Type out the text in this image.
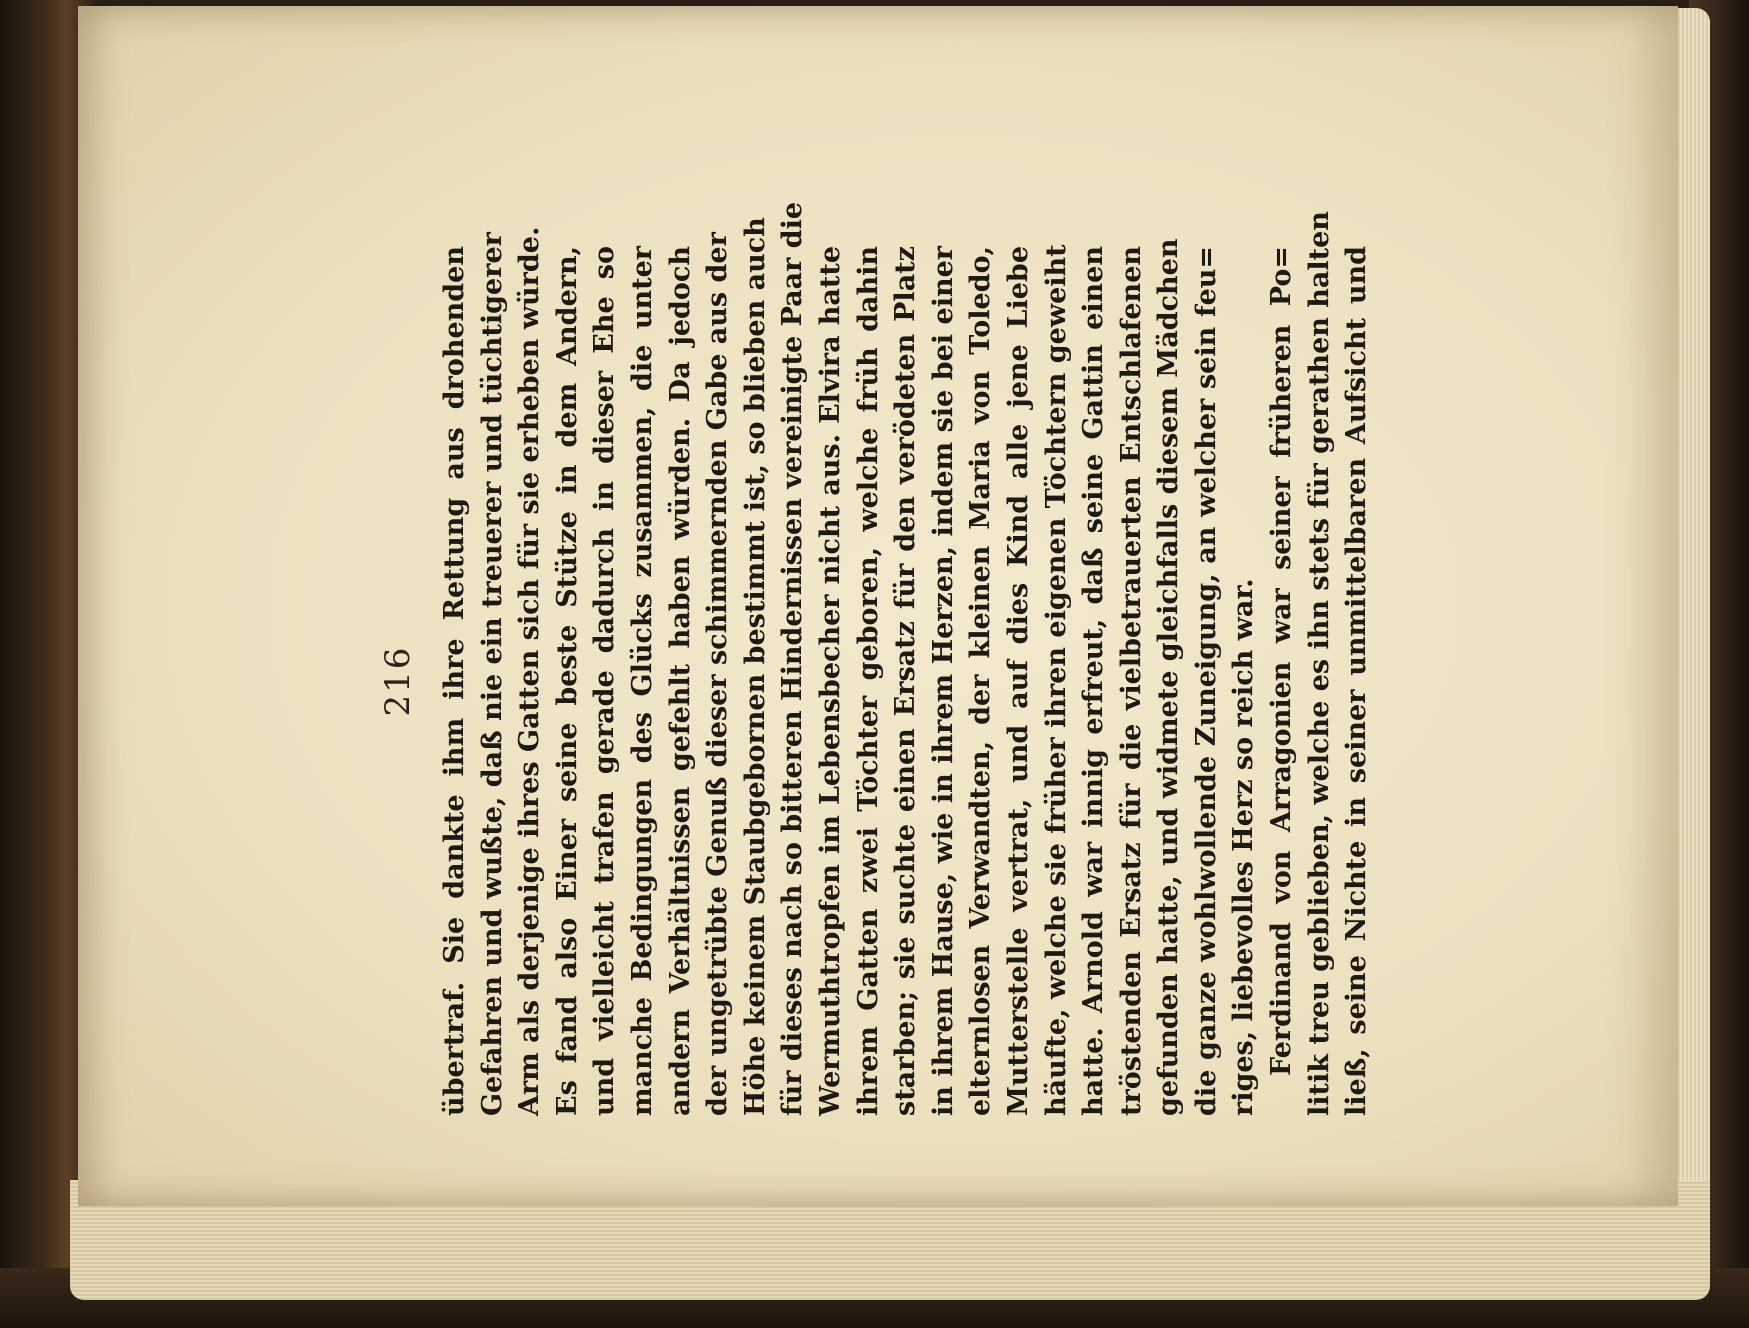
216 übertraf. Sie dankte ihm ihre Rettung aus drohenden Gefahren und wußte, daß nie ein treuerer und tüchtigerer Arm als derjenige ihres Gatten sich für sie erheben würde. Es fand also Einer seine beste Stütze in dem Andern, und vielleicht trafen gerade dadurch in dieser Ehe so manche Bedingungen des Glücks zusammen, die unter andern Verhältnissen gefehlt haben würden. Da jedoch der ungetrübte Genuß dieser schimmernden Gabe aus der Höhe keinem Staubgebornen bestimmt ist, so blieben auch für dieses nach so bitteren Hindernissen vereinigte Paar die Wermuthtropfen im Lebensbecher nicht aus. Elvira hatte ihrem Gatten zwei Töchter geboren, welche früh dahin starben; sie suchte einen Ersatz für den verödeten Platz in ihrem Hause, wie in ihrem Herzen, indem sie bei einer elternlosen Verwandten, der kleinen Maria von Toledo, Mutterstelle vertrat, und auf dies Kind alle jene Liebe häufte, welche sie früher ihren eigenen Töchtern geweiht hatte. Arnold war innig erfreut, daß seine Gattin einen tröstenden Ersatz für die vielbetrauerten Entschlafenen gefunden hatte, und widmete gleichfalls diesem Mädchen die ganze wohlwollende Zuneigung, an welcher sein feu= riges, liebevolles Herz so reich war. Ferdinand von Arragonien war seiner früheren Po= litik treu geblieben, welche es ihn stets für gerathen halten ließ, seine Nichte in seiner unmittelbaren Aufsicht und
